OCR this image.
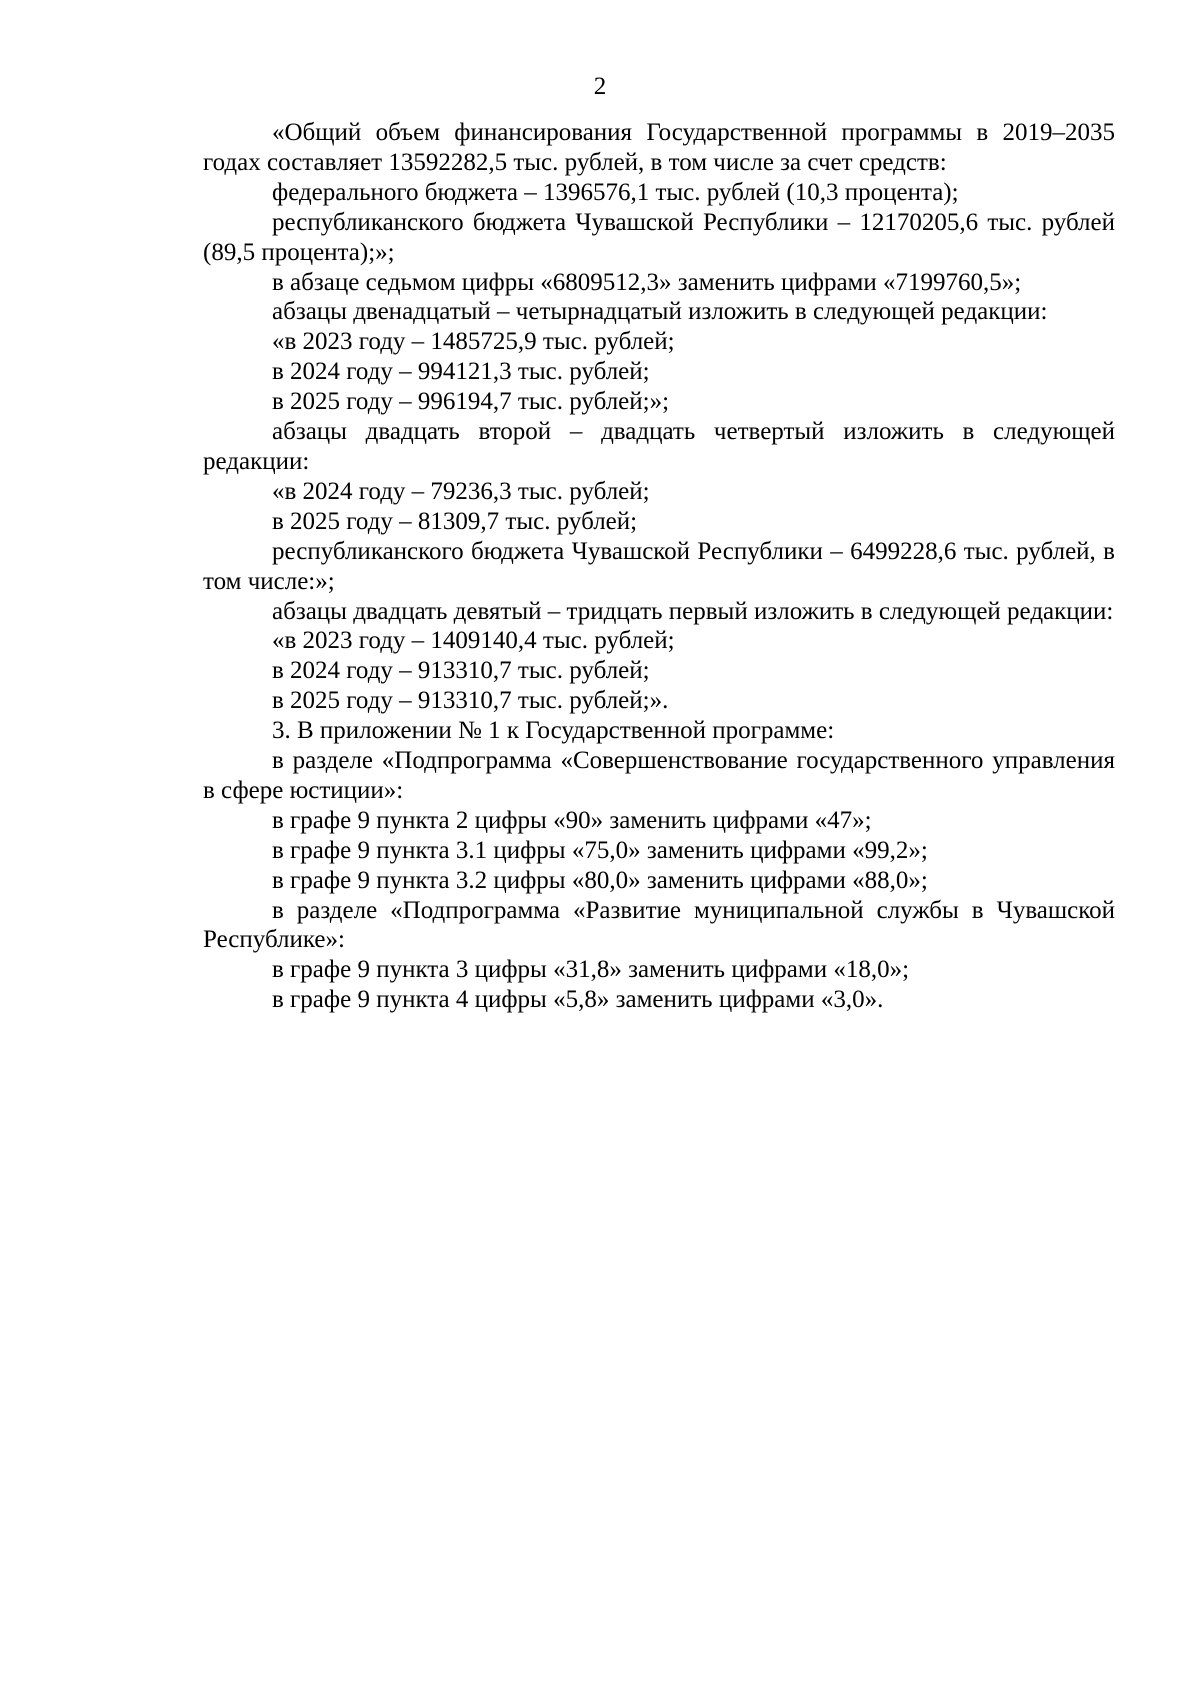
2

«Общий объем финансирования Государственной программы в 2019–2035 годах составляет 13592282,5 тыс. рублей, в том числе за счет средств:

федерального бюджета – 1396576,1 тыс. рублей (10,3 процента);

республиканского бюджета Чувашской Республики – 12170205,6 тыс. рублей (89,5 процента);»;

в абзаце седьмом цифры «6809512,3» заменить цифрами «7199760,5»;

абзацы двенадцатый – четырнадцатый изложить в следующей редакции:

«в 2023 году – 1485725,9 тыс. рублей;

в 2024 году – 994121,3 тыс. рублей;

в 2025 году – 996194,7 тыс. рублей;»;

абзацы двадцать второй – двадцать четвертый изложить в следующей редакции:

«в 2024 году – 79236,3 тыс. рублей;

в 2025 году – 81309,7 тыс. рублей;

республиканского бюджета Чувашской Республики – 6499228,6 тыс. рублей, в том числе:»;

абзацы двадцать девятый – тридцать первый изложить в следующей редакции:

«в 2023 году – 1409140,4 тыс. рублей;

в 2024 году – 913310,7 тыс. рублей;

в 2025 году – 913310,7 тыс. рублей;».

3. В приложении № 1 к Государственной программе:

в разделе «Подпрограмма «Совершенствование государственного управления в сфере юстиции»:

в графе 9 пункта 2 цифры «90» заменить цифрами «47»;

в графе 9 пункта 3.1 цифры «75,0» заменить цифрами «99,2»;

в графе 9 пункта 3.2 цифры «80,0» заменить цифрами «88,0»;

в разделе «Подпрограмма «Развитие муниципальной службы в Чувашской Республике»:

в графе 9 пункта 3 цифры «31,8» заменить цифрами «18,0»;

в графе 9 пункта 4 цифры «5,8» заменить цифрами «3,0».
